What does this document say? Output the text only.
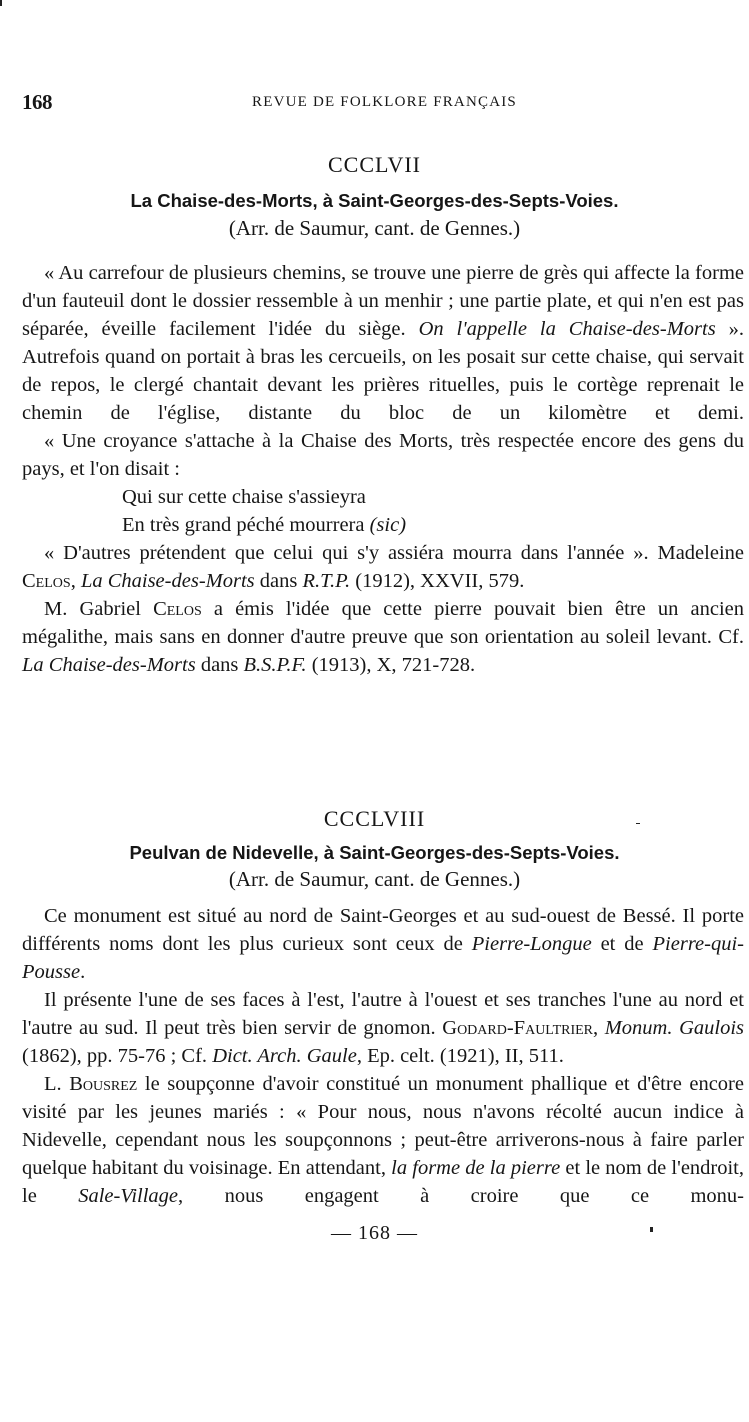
168	REVUE DE FOLKLORE FRANÇAIS
CCCLVII
La Chaise-des-Morts, à Saint-Georges-des-Septs-Voies.
(Arr. de Saumur, cant. de Gennes.)

« Au carrefour de plusieurs chemins, se trouve une pierre de grès qui affecte la forme d'un fauteuil dont le dossier ressemble à un menhir ; une partie plate, et qui n'en est pas séparée, éveille facilement l'idée du siège. On l'appelle la Chaise-des-Morts ». Autrefois quand on portait à bras les cercueils, on les posait sur cette chaise, qui servait de repos, le clergé chantait devant les prières rituelles, puis le cortège reprenait le chemin de l'église, distante du bloc de un kilomètre et demi.

« Une croyance s'attache à la Chaise des Morts, très respectée encore des gens du pays, et l'on disait :

Qui sur cette chaise s'assieyra
En très grand péché mourrera (sic)

« D'autres prétendent que celui qui s'y assiéra mourra dans l'année ». Madeleine Celos, La Chaise-des-Morts dans R.T.P. (1912), XXVII, 579.

M. Gabriel Celos a émis l'idée que cette pierre pouvait bien être un ancien mégalithe, mais sans en donner d'autre preuve que son orientation au soleil levant. Cf. La Chaise-des-Morts dans B.S.P.F. (1913), X, 721-728.

CCCLVIII
Peulvan de Nidevelle, à Saint-Georges-des-Septs-Voies.
(Arr. de Saumur, cant. de Gennes.)

Ce monument est situé au nord de Saint-Georges et au sud-ouest de Bessé. Il porte différents noms dont les plus curieux sont ceux de Pierre-Longue et de Pierre-qui-Pousse.

Il présente l'une de ses faces à l'est, l'autre à l'ouest et ses tranches l'une au nord et l'autre au sud. Il peut très bien servir de gnomon. Godard-Faultrier, Monum. Gaulois (1862), pp. 75-76 ; Cf. Dict. Arch. Gaule, Ep. celt. (1921), II, 511.

L. Bousrez le soupçonne d'avoir constitué un monument phallique et d'être encore visité par les jeunes mariés : « Pour nous, nous n'avons récolté aucun indice à Nidevelle, cependant nous les soupçonnons ; peut-être arriverons-nous à faire parler quelque habitant du voisinage. En attendant, la forme de la pierre et le nom de l'endroit, le Sale-Village, nous engagent à croire que ce monu-

— 168 —
